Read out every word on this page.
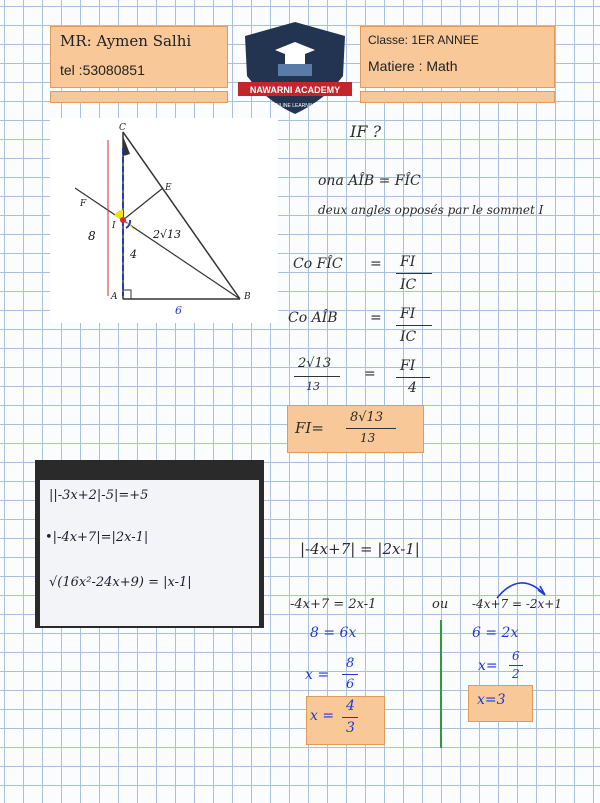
MR: Aymen Salhi
tel :53080851
Classe: 1ER ANNEE
Matiere : Math
NAWARNI ACADEMY
ONLINE LEARNING
C
E
F
I
A	B
8	2√13
4
6
IF ?
ona AÎB = FÎC
deux angles opposés par le sommet I
Co FÎC = FI
IC
Co AÎB = FI
IC
2√13
13
= FI
4
FI=
8√13
13
||-3x+2|-5|=+5
•|-4x+7|=|2x-1|
√(16x²-24x+9) = |x-1|
|-4x+7| = |2x-1|
-4x+7 = 2x-1	ou -4x+7 = -2x+1
8 = 6x
x =
8
6
x =
4
3
6 = 2x
x=
6
2
x=3
